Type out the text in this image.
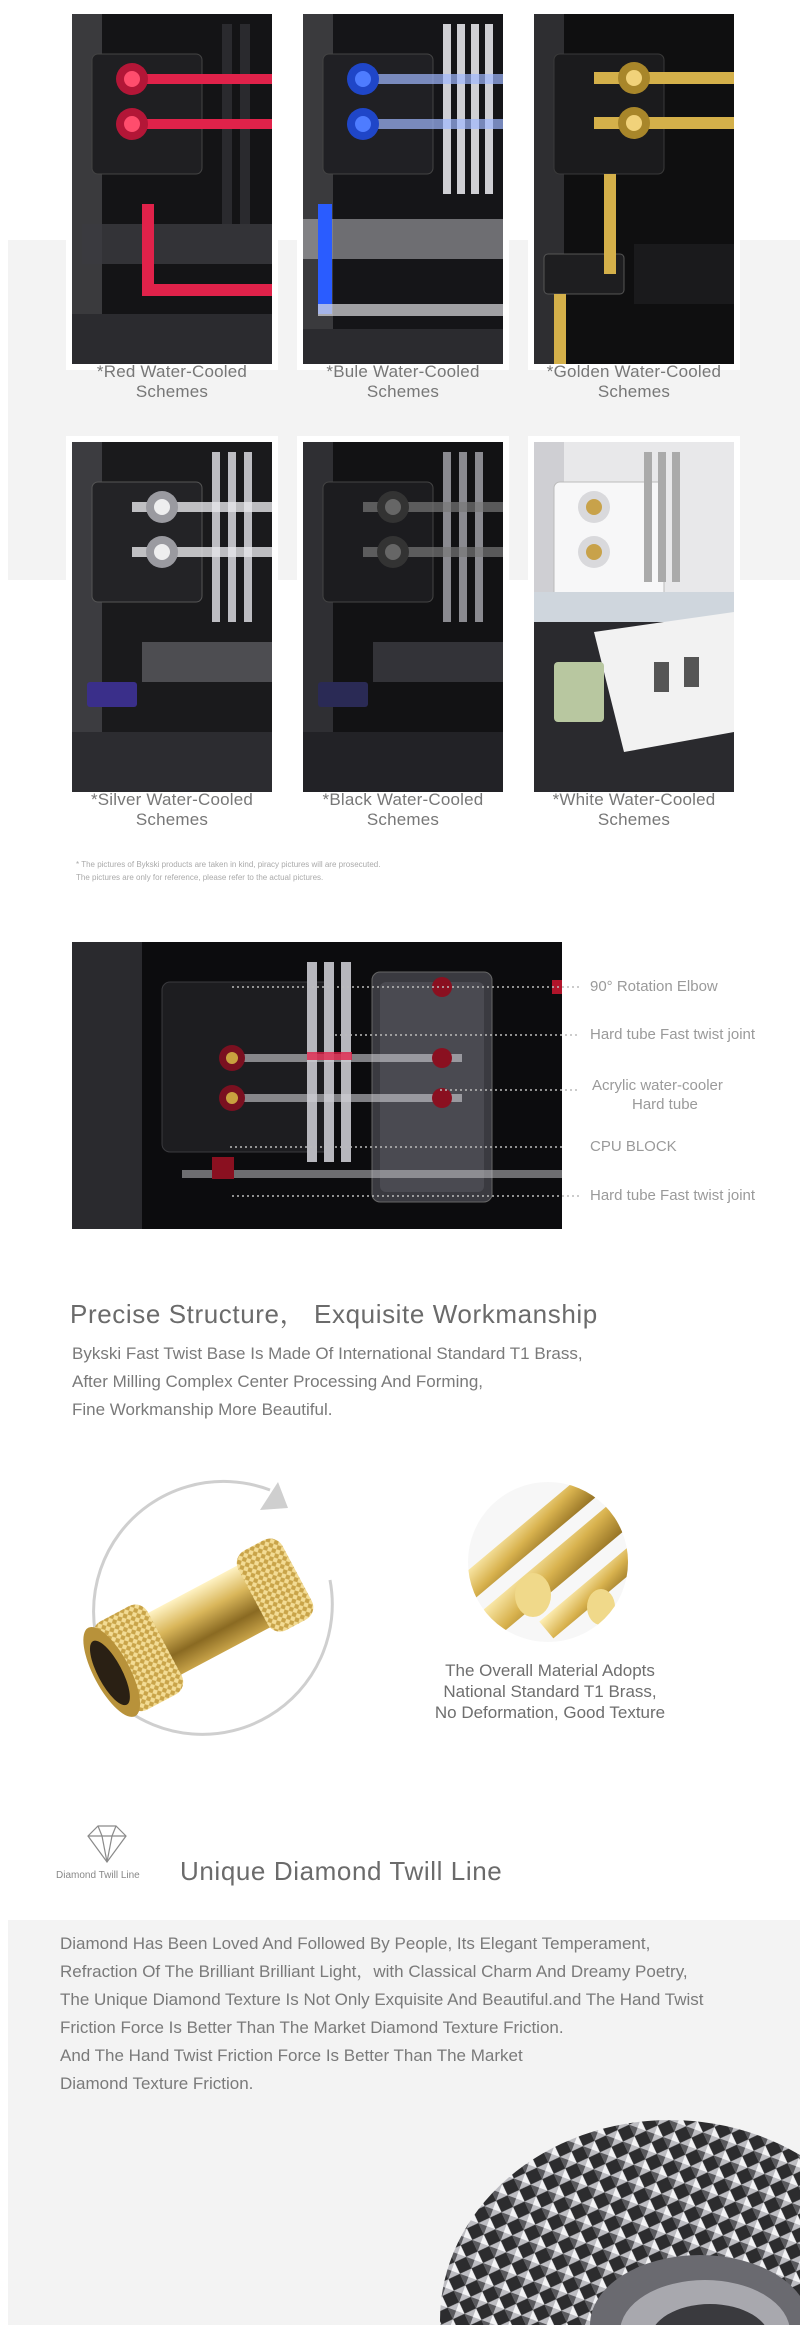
*Red Water-Cooled Schemes
*Bule Water-Cooled Schemes
*Golden Water-Cooled Schemes
*Silver Water-Cooled Schemes
*Black Water-Cooled Schemes
*White Water-Cooled Schemes
* The pictures of Bykski products are taken in kind, piracy pictures will are prosecuted.
The pictures are only for reference, please refer to the actual pictures.
90° Rotation Elbow
Hard tube Fast twist joint
Acrylic water-cooler
Hard tube
CPU BLOCK
Hard tube Fast twist joint
Precise Structure， Exquisite Workmanship
Bykski Fast Twist Base Is Made Of International Standard T1 Brass,
After Milling Complex Center Processing And Forming,
Fine Workmanship More Beautiful.
The Overall Material Adopts
National Standard T1 Brass,
No Deformation, Good Texture
Diamond Twill Line Unique Diamond Twill Line
Diamond Has Been Loved And Followed By People, Its Elegant Temperament,
Refraction Of The Brilliant Brilliant Light，with Classical Charm And Dreamy Poetry,
The Unique Diamond Texture Is Not Only Exquisite And Beautiful.and The Hand Twist
Friction Force Is Better Than The Market Diamond Texture Friction.
And The Hand Twist Friction Force Is Better Than The Market
Diamond Texture Friction.
